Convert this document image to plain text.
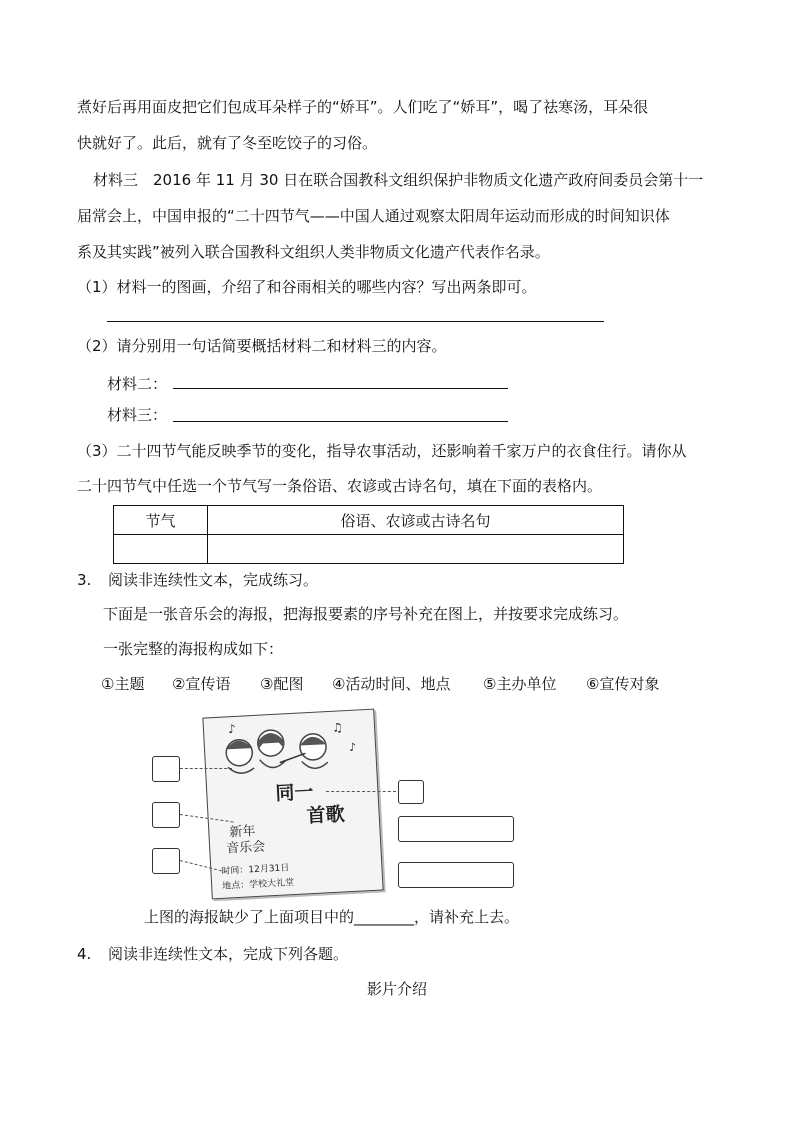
煮好后再用面皮把它们包成耳朵样子的“娇耳”。人们吃了“娇耳”，喝了祛寒汤，耳朵很
快就好了。此后，就有了冬至吃饺子的习俗。
材料三　2016 年 11 月 30 日在联合国教科文组织保护非物质文化遗产政府间委员会第十一
届常会上，中国申报的“二十四节气——中国人通过观察太阳周年运动而形成的时间知识体
系及其实践”被列入联合国教科文组织人类非物质文化遗产代表作名录。
（1）材料一的图画，介绍了和谷雨相关的哪些内容？写出两条即可。
（2）请分别用一句话简要概括材料二和材料三的内容。
材料二：
材料三：
（3）二十四节气能反映季节的变化，指导农事活动，还影响着千家万户的衣食住行。请你从
二十四节气中任选一个节气写一条俗语、农谚或古诗名句，填在下面的表格内。
节气	俗语、农谚或古诗名句

3. 阅读非连续性文本，完成练习。
下面是一张音乐会的海报，把海报要素的序号补充在图上，并按要求完成练习。
一张完整的海报构成如下：
①主题 ②宣传语 ③配图 ④活动时间、地点 ⑤主办单位 ⑥宣传对象
♪	♫
♪
同一
首歌
新年
音乐会
时间：12月31日
地点：学校大礼堂
上图的海报缺少了上面项目中的________，请补充上去。
4. 阅读非连续性文本，完成下列各题。
影片介绍
